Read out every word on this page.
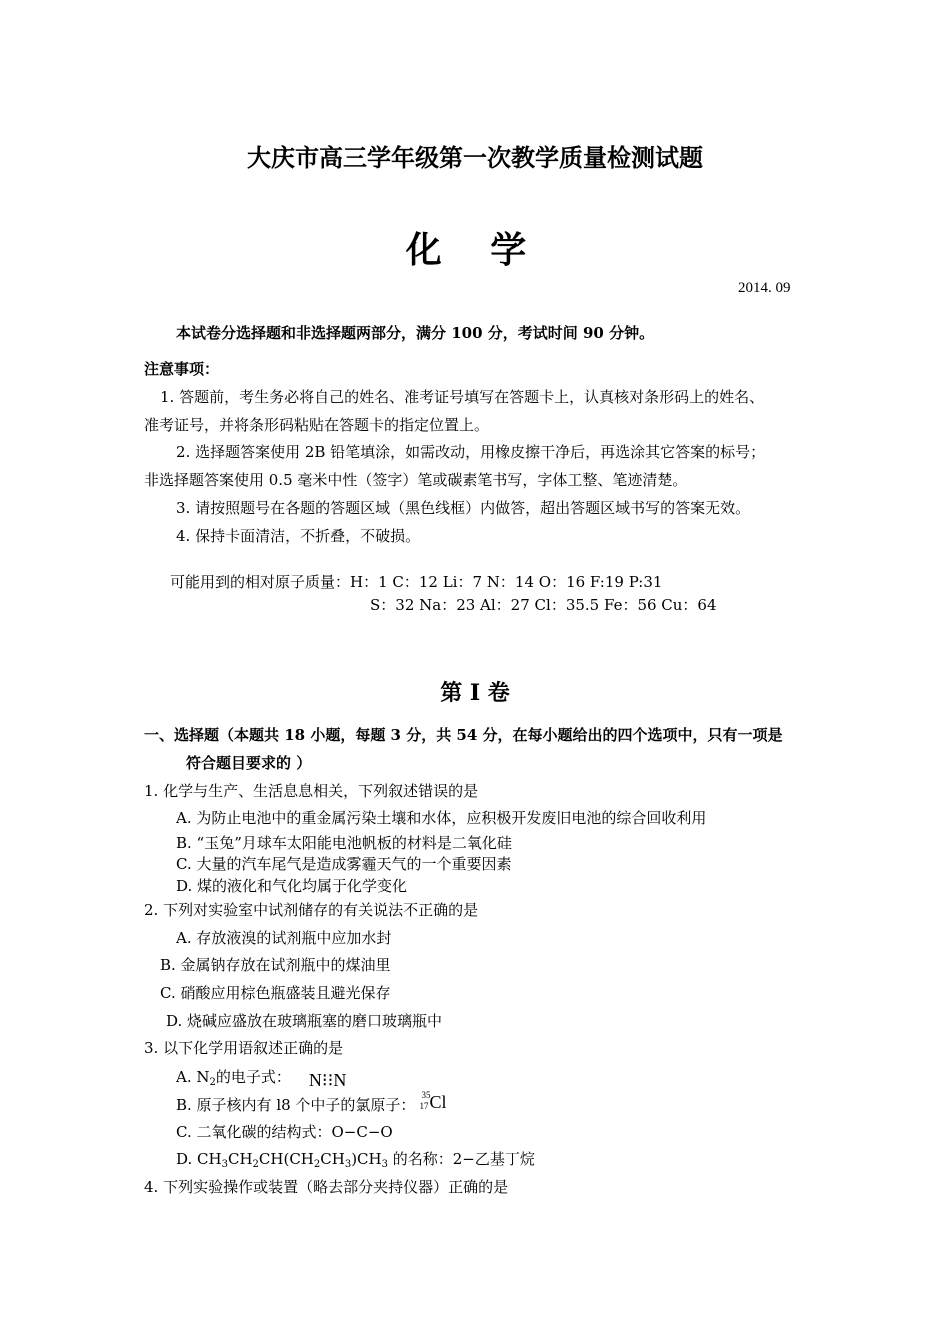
大庆市高三学年级第一次教学质量检测试题
化 学
2014. 09
本试卷分选择题和非选择题两部分，满分 100 分，考试时间 90 分钟。
注意事项：
1. 答题前，考生务必将自己的姓名、准考证号填写在答题卡上，认真核对条形码上的姓名、
准考证号，并将条形码粘贴在答题卡的指定位置上。
2. 选择题答案使用 2B 铅笔填涂，如需改动，用橡皮擦干净后，再选涂其它答案的标号；
非选择题答案使用 0.5 毫米中性（签字）笔或碳素笔书写，字体工整、笔迹清楚。
3. 请按照题号在各题的答题区域（黑色线框）内做答，超出答题区域书写的答案无效。
4. 保持卡面清洁，不折叠，不破损。
可能用到的相对原子质量：H：1 C：12 Li：7 N：14 O：16 F:19 P:31
S：32 Na：23 Al：27 Cl：35.5 Fe：56 Cu：64
第 I 卷
一、选择题（本题共 18 小题，每题 3 分，共 54 分，在每小题给出的四个选项中，只有一项是
符合题目要求的 ）
1. 化学与生产、生活息息相关，下列叙述错误的是
A. 为防止电池中的重金属污染土壤和水体，应积极开发废旧电池的综合回收利用
B. “玉兔”月球车太阳能电池帆板的材料是二氧化硅
C. 大量的汽车尾气是造成雾霾天气的一个重要因素
D. 煤的液化和气化均属于化学变化
2. 下列对实验室中试剂储存的有关说法不正确的是
A. 存放液溴的试剂瓶中应加水封
B. 金属钠存放在试剂瓶中的煤油里
C. 硝酸应用棕色瓶盛装且避光保存
D. 烧碱应盛放在玻璃瓶塞的磨口玻璃瓶中
3. 以下化学用语叙述正确的是
A. $N_2$的电子式： N⁝⁝N
B. 原子核内有 l8 个中子的氯原子：
35
17 Cl
C. 二氧化碳的结构式：O−C−O
D. $CH_3CH_2CH(CH_2CH_3)CH_3$ 的名称：2−乙基丁烷
4. 下列实验操作或装置（略去部分夹持仪器）正确的是
